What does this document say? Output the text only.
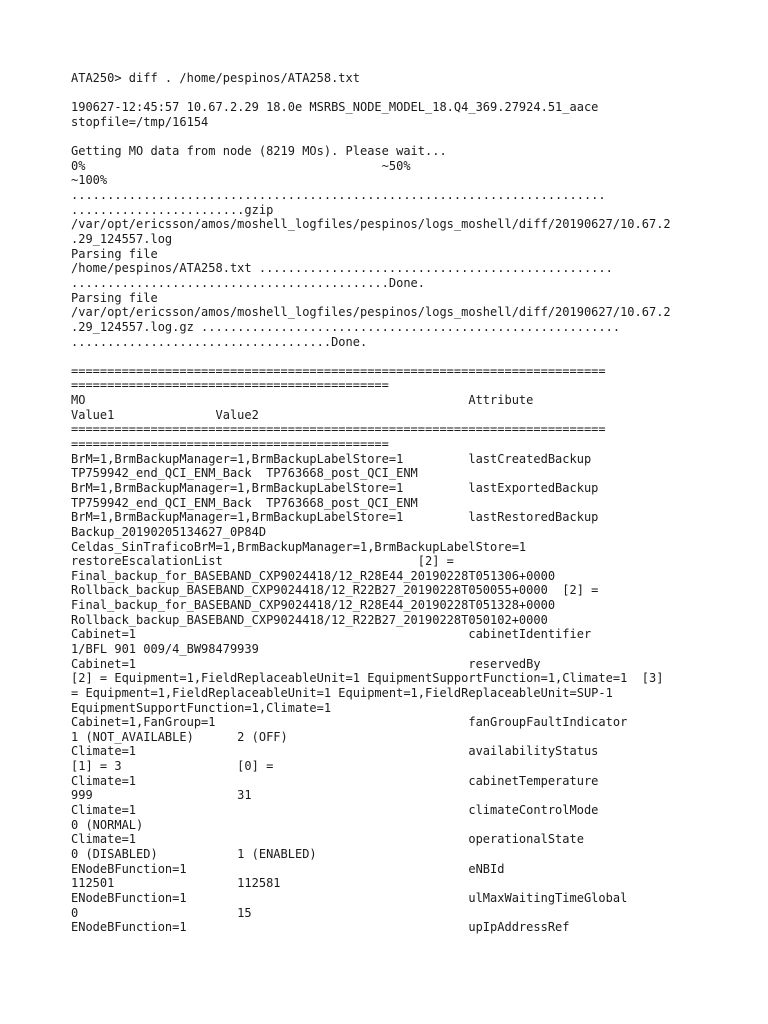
ATA250> diff . /home/pespinos/ATA258.txt
190627-12:45:57 10.67.2.29 18.0e MSRBS_NODE_MODEL_18.Q4_369.27924.51_aace
stopfile=/tmp/16154
Getting MO data from node (8219 MOs). Please wait...
0%                                         ~50%
~100%
..........................................................................
........................gzip
/var/opt/ericsson/amos/moshell_logfiles/pespinos/logs_moshell/diff/20190627/10.67.2
.29_124557.log
Parsing file
/home/pespinos/ATA258.txt .................................................
............................................Done.
Parsing file
/var/opt/ericsson/amos/moshell_logfiles/pespinos/logs_moshell/diff/20190627/10.67.2
.29_124557.log.gz ..........................................................
....................................Done.
==========================================================================
============================================
MO                                                     Attribute
Value1              Value2
==========================================================================
============================================
BrM=1,BrmBackupManager=1,BrmBackupLabelStore=1         lastCreatedBackup
TP759942_end_QCI_ENM_Back  TP763668_post_QCI_ENM
BrM=1,BrmBackupManager=1,BrmBackupLabelStore=1         lastExportedBackup
TP759942_end_QCI_ENM_Back  TP763668_post_QCI_ENM
BrM=1,BrmBackupManager=1,BrmBackupLabelStore=1         lastRestoredBackup
Backup_20190205134627_0P84D
Celdas_SinTraficoBrM=1,BrmBackupManager=1,BrmBackupLabelStore=1
restoreEscalationList                           [2] =
Final_backup_for_BASEBAND_CXP9024418/12_R28E44_20190228T051306+0000
Rollback_backup_BASEBAND_CXP9024418/12_R22B27_20190228T050055+0000  [2] =
Final_backup_for_BASEBAND_CXP9024418/12_R28E44_20190228T051328+0000
Rollback_backup_BASEBAND_CXP9024418/12_R22B27_20190228T050102+0000
Cabinet=1                                              cabinetIdentifier
1/BFL 901 009/4_BW98479939
Cabinet=1                                              reservedBy
[2] = Equipment=1,FieldReplaceableUnit=1 EquipmentSupportFunction=1,Climate=1  [3]
= Equipment=1,FieldReplaceableUnit=1 Equipment=1,FieldReplaceableUnit=SUP-1
EquipmentSupportFunction=1,Climate=1
Cabinet=1,FanGroup=1                                   fanGroupFaultIndicator
1 (NOT_AVAILABLE)      2 (OFF)
Climate=1                                              availabilityStatus
[1] = 3                [0] =
Climate=1                                              cabinetTemperature
999                    31
Climate=1                                              climateControlMode
0 (NORMAL)
Climate=1                                              operationalState
0 (DISABLED)           1 (ENABLED)
ENodeBFunction=1                                       eNBId
112501                 112581
ENodeBFunction=1                                       ulMaxWaitingTimeGlobal
0                      15
ENodeBFunction=1                                       upIpAddressRef
